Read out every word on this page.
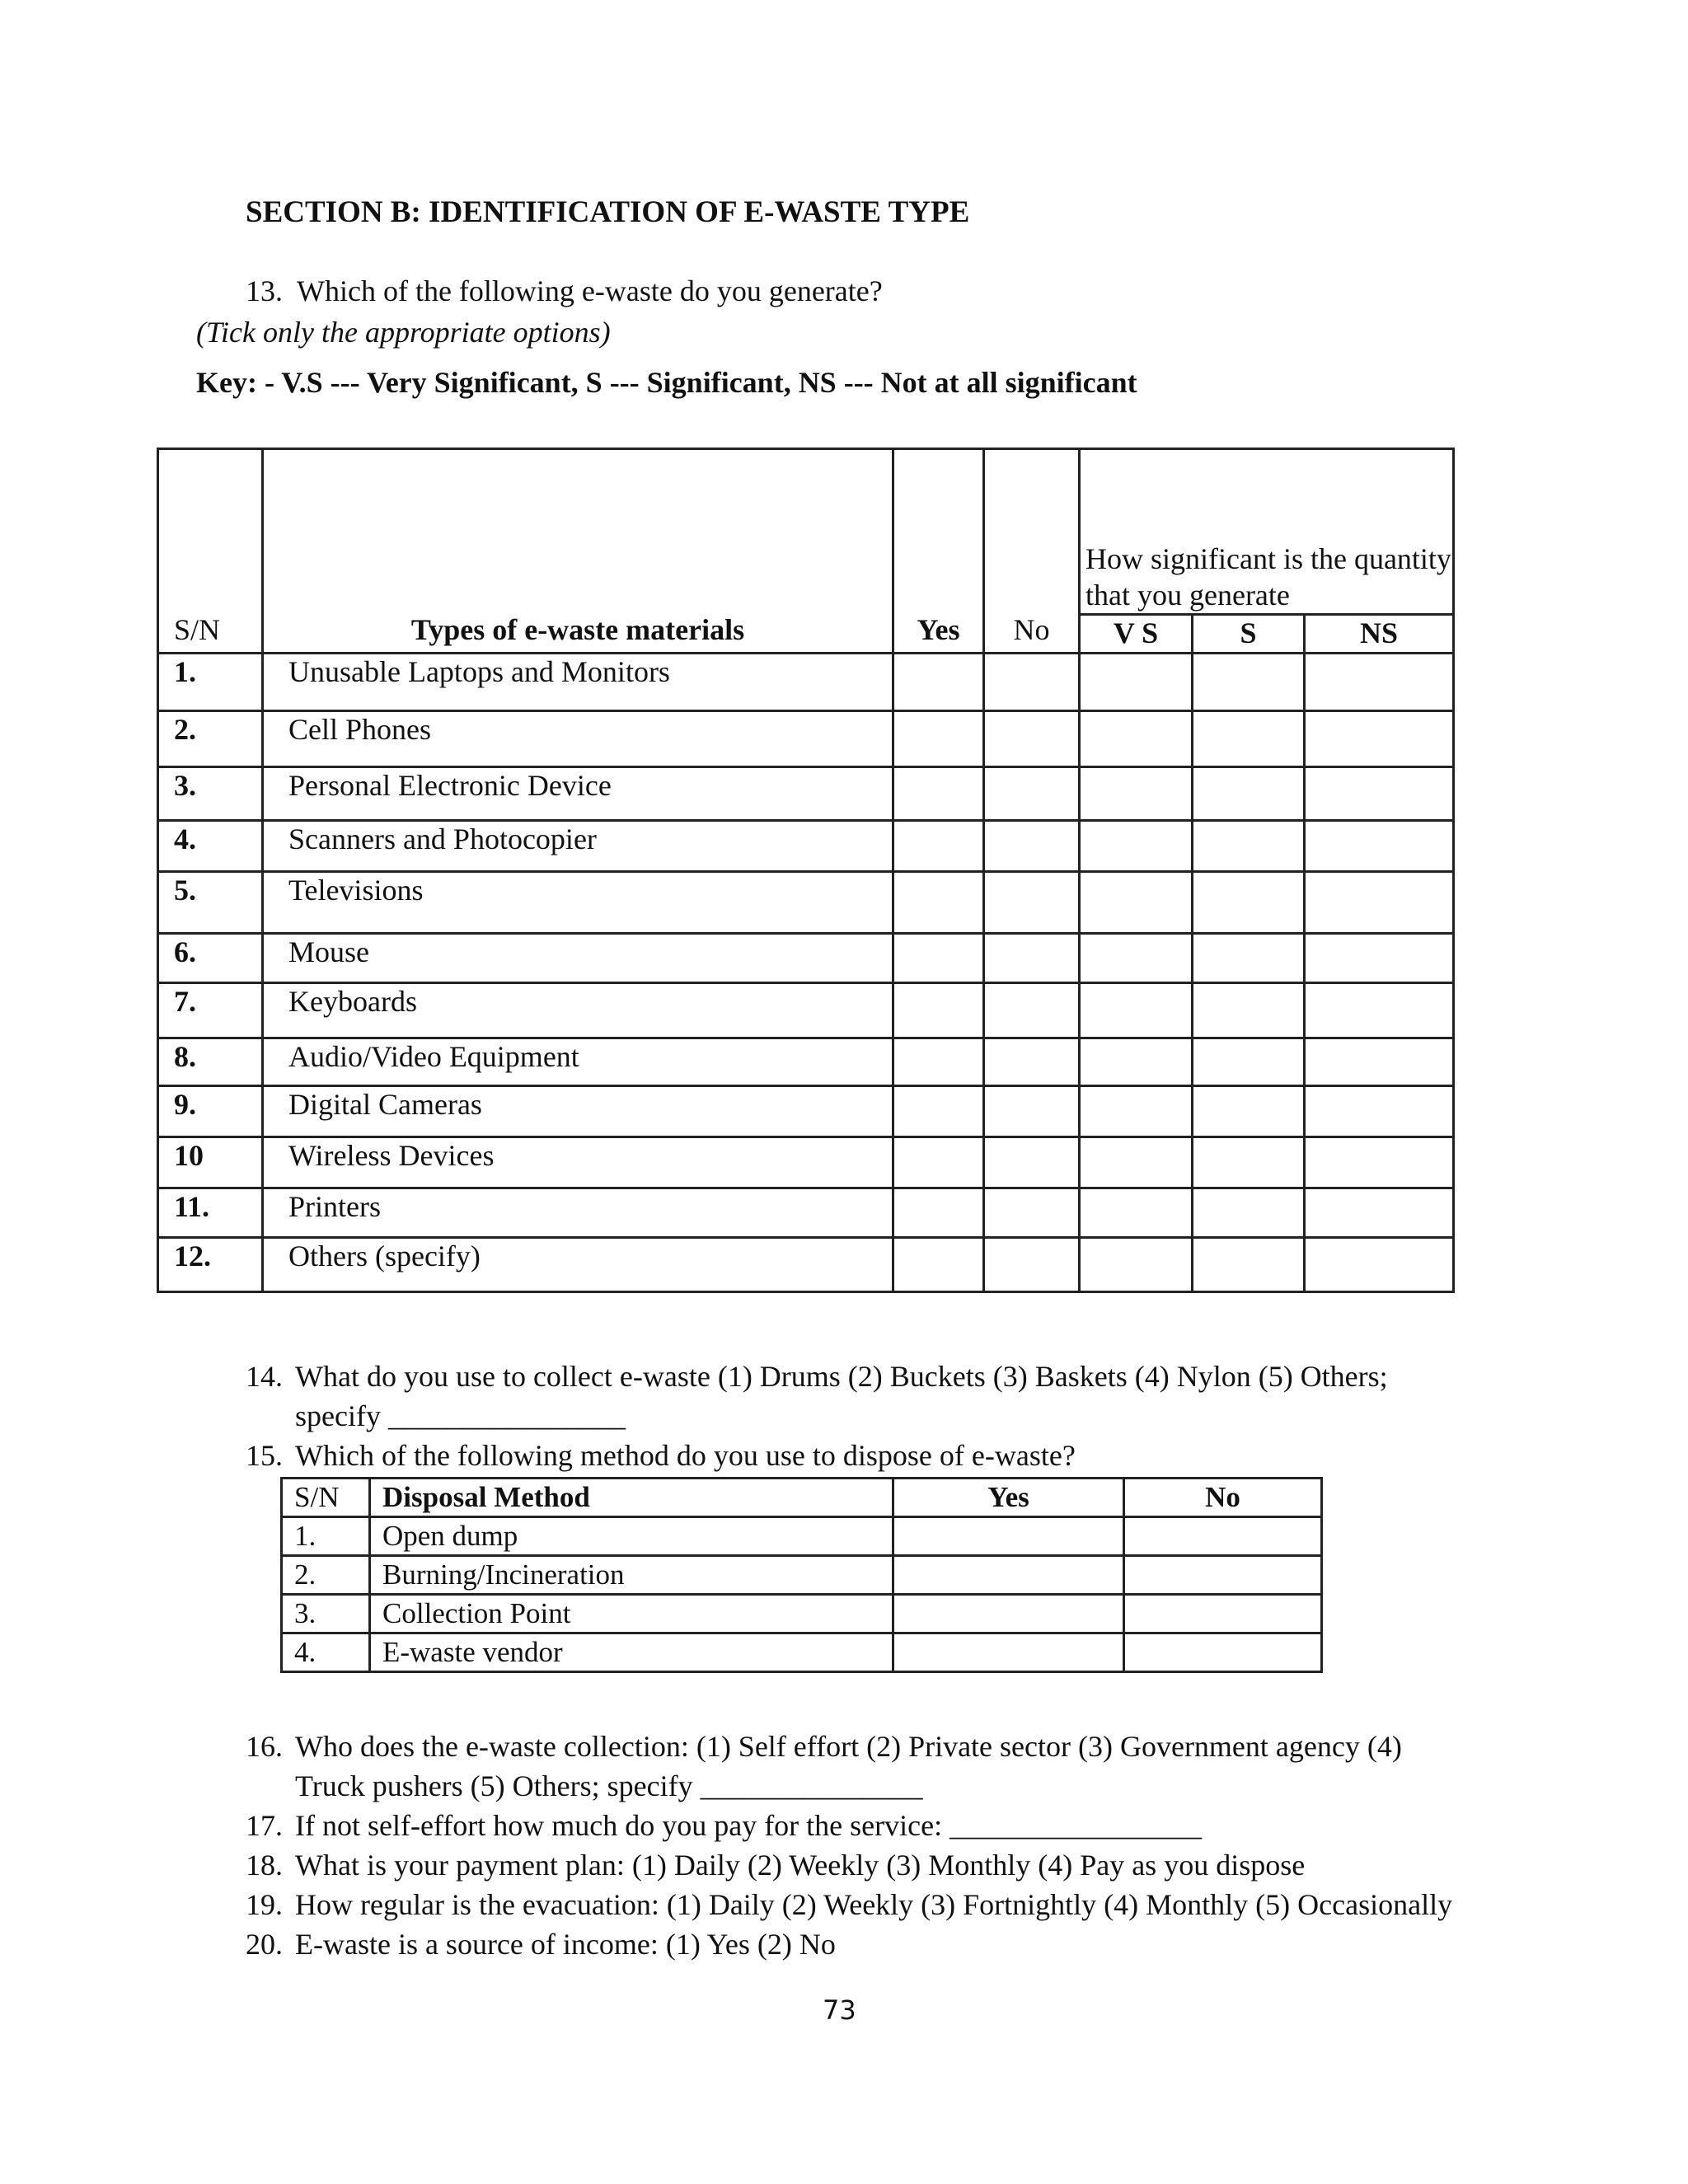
SECTION B: IDENTIFICATION OF E-WASTE TYPE
13. Which of the following e-waste do you generate?
(Tick only the appropriate options)
Key: - V.S --- Very Significant, S --- Significant, NS --- Not at all significant
S/N	Types of e-waste materials	Yes	No	How significant is the quantity that you generate		
				V S	S	NS
1.	Unusable Laptops and Monitors					
2.	Cell Phones					
3.	Personal Electronic Device					
4.	Scanners and Photocopier					
5.	Televisions					
6.	Mouse					
7.	Keyboards					
8.	Audio/Video Equipment					
9.	Digital Cameras					
10	Wireless Devices					
11.	Printers					
12.	Others (specify)					
14. What do you use to collect e-waste (1) Drums (2) Buckets (3) Baskets (4) Nylon (5) Others;
specify ________________
15. Which of the following method do you use to dispose of e-waste?
S/N	Disposal Method	Yes	No
1.	Open dump		
2.	Burning/Incineration		
3.	Collection Point		
4.	E-waste vendor		
16. Who does the e-waste collection: (1) Self effort (2) Private sector (3) Government agency (4)
Truck pushers (5) Others; specify _______________
17. If not self-effort how much do you pay for the service: _________________
18. What is your payment plan: (1) Daily (2) Weekly (3) Monthly (4) Pay as you dispose
19. How regular is the evacuation: (1) Daily (2) Weekly (3) Fortnightly (4) Monthly (5) Occasionally
20. E-waste is a source of income: (1) Yes (2) No
73
